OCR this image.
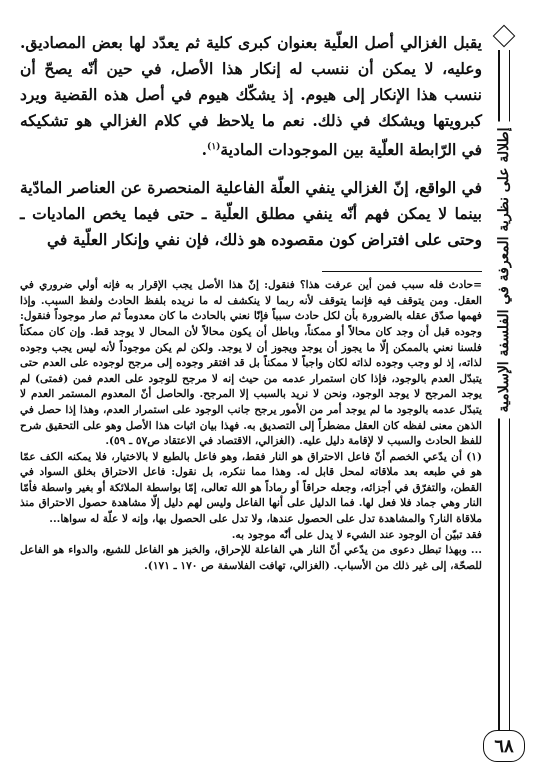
إطلالة على نظرية المعرفة في الفلسفة الإسلامية
٦٨

يقبل الغزالي أصل العلّية بعنوان كبرى كلية ثم يعدّد لها بعض المصاديق. وعليه، لا يمكن أن ننسب له إنكار هذا الأصل، في حين أنّه يصحّ أن ننسب هذا الإنكار إلى هيوم. إذ يشكّك هيوم في أصل هذه القضية ويرد كبرويتها ويشكك في ذلك. نعم ما يلاحظ في كلام الغزالي هو تشكيكه في الرّابطة العلّية بين الموجودات المادية$^{(١)}$.

في الواقع، إنّ الغزالي ينفي العلّة الفاعلية المنحصرة عن العناصر المادّية بينما لا يمكن فهم أنّه ينفي مطلق العلّية ـ حتى فيما يخص الماديات ـ وحتى على افتراض كون مقصوده هو ذلك، فإن نفي وإنكار العلّية في

=حادث فله سبب فمن أين عرفت هذا؟ فنقول: إنّ هذا الأصل يجب الإقرار به فإنه أولي ضروري في العقل. ومن يتوقف فيه فإنما يتوقف لأنه ربما لا ينكشف له ما نريده بلفظ الحادث ولفظ السبب. وإذا فهمها صدّق عقله بالضرورة بأن لكل حادث سبباً فإنّا نعني بالحادث ما كان معدوماً ثم صار موجوداً فنقول: وجوده قبل أن وجد كان محالاً أو ممكناً، وباطل أن يكون محالاً لأن المحال لا يوجد قط. وإن كان ممكناً فلسنا نعني بالممكن إلّا ما يجوز أن يوجد ويجوز أن لا يوجد. ولكن لم يكن موجوداً لأنه ليس يجب وجوده لذاته، إذ لو وجب وجوده لذاته لكان واجباً لا ممكناً بل قد افتقر وجوده إلى مرجح لوجوده على العدم حتى يتبدّل العدم بالوجود، فإذا كان استمرار عدمه من حيث إنه لا مرجح للوجود على العدم فمن (فمتى) لم يوجد المرجح لا يوجد الوجود، ونحن لا نريد بالسبب إلا المرجح. والحاصل أنّ المعدوم المستمر العدم لا يتبدّل عدمه بالوجود ما لم يوجد أمر من الأمور يرجح جانب الوجود على استمرار العدم، وهذا إذا حصل في الذهن معنى لفظه كان العقل مضطراً إلى التصديق به. فهذا بيان اثبات هذا الأصل وهو على التحقيق شرح للفظ الحادث والسبب لا لإقامة دليل عليه. (الغزالي، الاقتصاد في الاعتقاد ص٥٧ ـ ٥٩).

(١) أن يدّعي الخصم أنّ فاعل الاحتراق هو النار فقط، وهو فاعل بالطبع لا بالاختيار، فلا يمكنه الكف عمّا هو في طبعه بعد ملاقاته لمحل قابل له. وهذا مما ننكره، بل نقول: فاعل الاحتراق بخلق السواد في القطن، والتفرّق في أجزائه، وجعله حراقاً أو رماداً هو الله تعالى، إمّا بواسطة الملائكة أو بغير واسطة فأمّا النار وهي جماد فلا فعل لها. فما الدليل على أنها الفاعل وليس لهم دليل إلّا مشاهدة حصول الاحتراق منذ ملاقاة النار؟ والمشاهدة تدل على الحصول عندها، ولا تدل على الحصول بها، وإنه لا علّة له سواها...

فقد تبيّن أن الوجود عند الشيء لا يدل على أنّه موجود به.

... وبهذا تبطل دعوى من يدّعي أنّ النار هي الفاعلة للإحراق، والخبز هو الفاعل للشبع، والدواء هو الفاعل للصحّة، إلى غير ذلك من الأسباب. (الغزالي، تهافت الفلاسفة ص ١٧٠ ـ ١٧١).
